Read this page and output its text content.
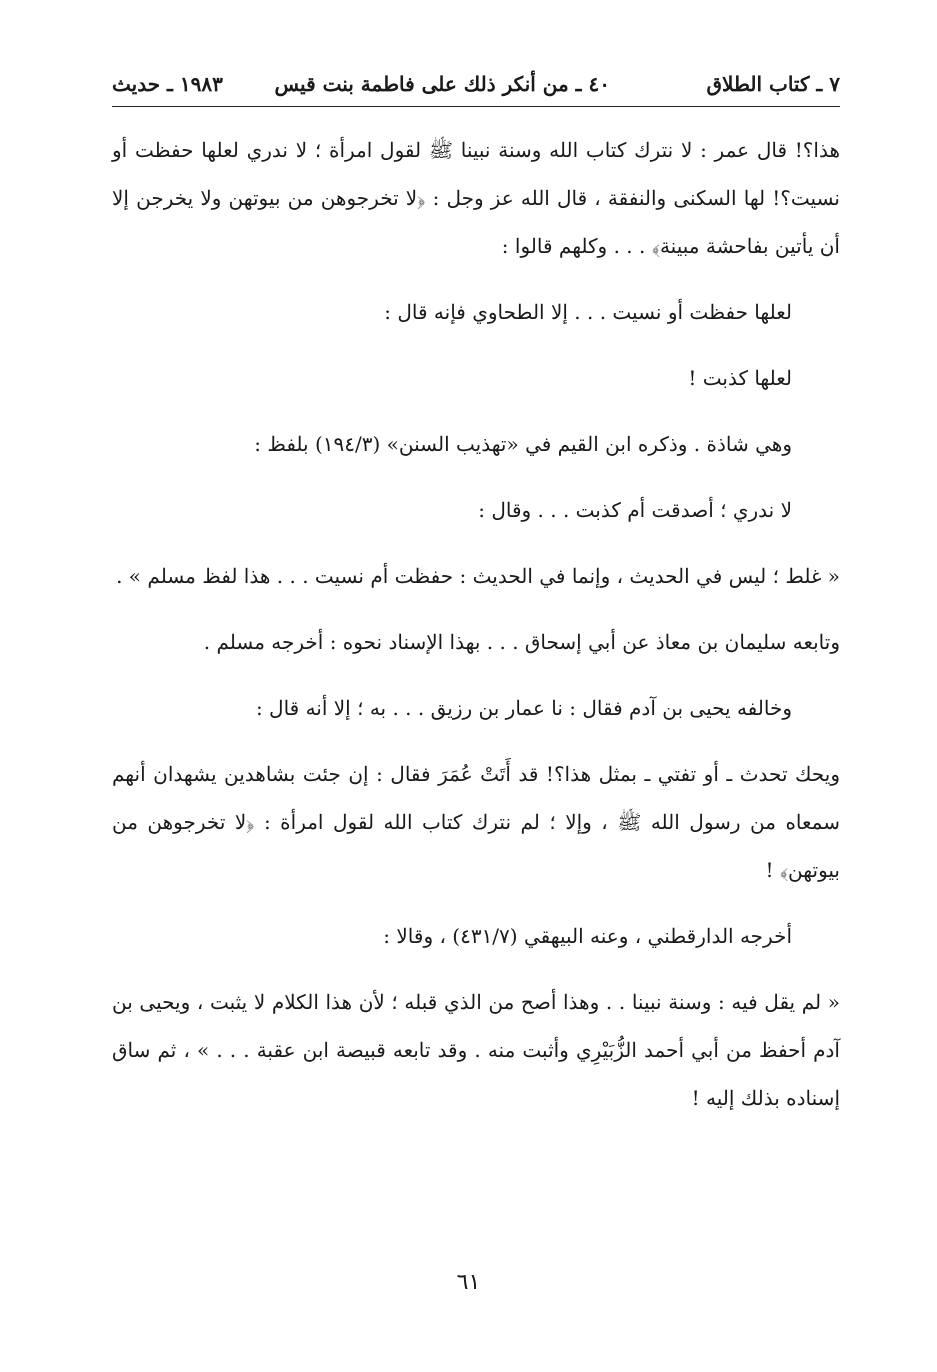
٧ ـ كتاب الطلاق
٤٠ ـ من أنكر ذلك على فاطمة بنت قيس
١٩٨٣ ـ حديث

هذا؟! قال عمر : لا نترك كتاب الله وسنة نبينا ﷺ لقول امرأة ؛ لا ندري لعلها حفظت أو نسيت؟! لها السكنى والنفقة ، قال الله عز وجل : ﴿لا تخرجوهن من بيوتهن ولا يخرجن إلا أن يأتين بفاحشة مبينة﴾ . . . وكلهم قالوا :

لعلها حفظت أو نسيت . . . إلا الطحاوي فإنه قال :

لعلها كذبت !

وهي شاذة . وذكره ابن القيم في «تهذيب السنن» (١٩٤/٣) بلفظ :

لا ندري ؛ أصدقت أم كذبت . . . وقال :

« غلط ؛ ليس في الحديث ، وإنما في الحديث : حفظت أم نسيت . . . هذا لفظ مسلم » .

وتابعه سليمان بن معاذ عن أبي إسحاق . . . بهذا الإسناد نحوه : أخرجه مسلم .

وخالفه يحيى بن آدم فقال : نا عمار بن رزيق . . . به ؛ إلا أنه قال :

ويحك تحدث ـ أو تفتي ـ بمثل هذا؟! قد أَتَتْ عُمَرَ فقال : إن جئت بشاهدين يشهدان أنهم سمعاه من رسول الله ﷺ ، وإلا ؛ لم نترك كتاب الله لقول امرأة : ﴿لا تخرجوهن من بيوتهن﴾ !

أخرجه الدارقطني ، وعنه البيهقي (٤٣١/٧) ، وقالا :

« لم يقل فيه : وسنة نبينا . . وهذا أصح من الذي قبله ؛ لأن هذا الكلام لا يثبت ، ويحيى بن آدم أحفظ من أبي أحمد الزُّبَيْرِي وأثبت منه . وقد تابعه قبيصة ابن عقبة . . . » ، ثم ساق إسناده بذلك إليه !

٦١
